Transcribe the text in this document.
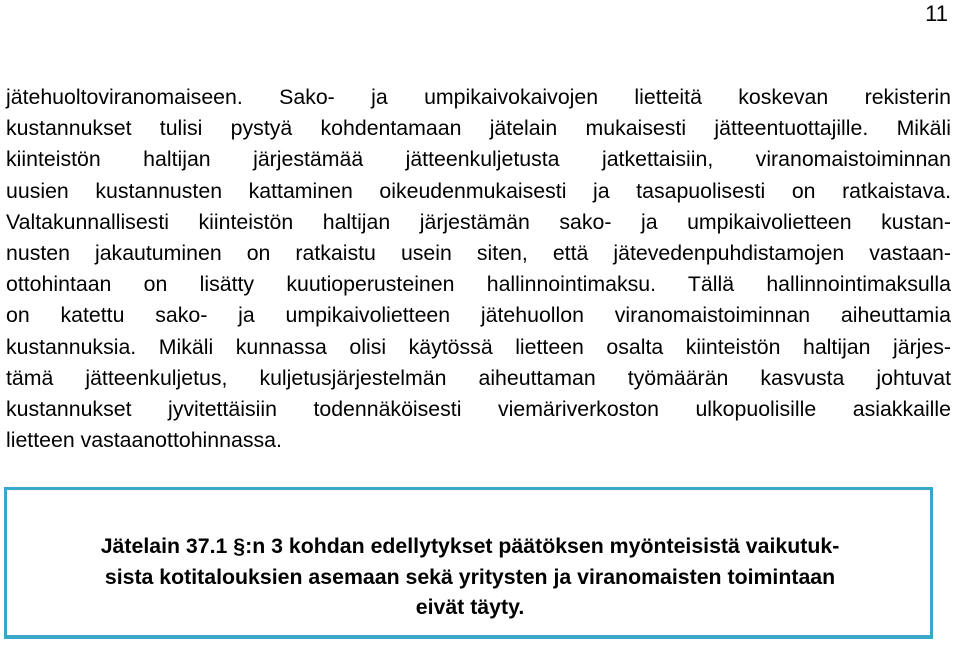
11

jätehuoltoviranomaiseen. Sako- ja umpikaivokaivojen lietteitä koskevan rekisterin
kustannukset tulisi pystyä kohdentamaan jätelain mukaisesti jätteentuottajille. Mikäli
kiinteistön haltijan järjestämää jätteenkuljetusta jatkettaisiin, viranomaistoiminnan
uusien kustannusten kattaminen oikeudenmukaisesti ja tasapuolisesti on ratkaistava.
Valtakunnallisesti kiinteistön haltijan järjestämän sako- ja umpikaivolietteen kustan-
nusten jakautuminen on ratkaistu usein siten, että jätevedenpuhdistamojen vastaan-
ottohintaan on lisätty kuutioperusteinen hallinnointimaksu. Tällä hallinnointimaksulla
on katettu sako- ja umpikaivolietteen jätehuollon viranomaistoiminnan aiheuttamia
kustannuksia. Mikäli kunnassa olisi käytössä lietteen osalta kiinteistön haltijan järjes-
tämä jätteenkuljetus, kuljetusjärjestelmän aiheuttaman työmäärän kasvusta johtuvat
kustannukset jyvitettäisiin todennäköisesti viemäriverkoston ulkopuolisille asiakkaille
lietteen vastaanottohinnassa.

Jätelain 37.1 §:n 3 kohdan edellytykset päätöksen myönteisistä vaikutuk-
sista kotitalouksien asemaan sekä yritysten ja viranomaisten toimintaan
eivät täyty.
